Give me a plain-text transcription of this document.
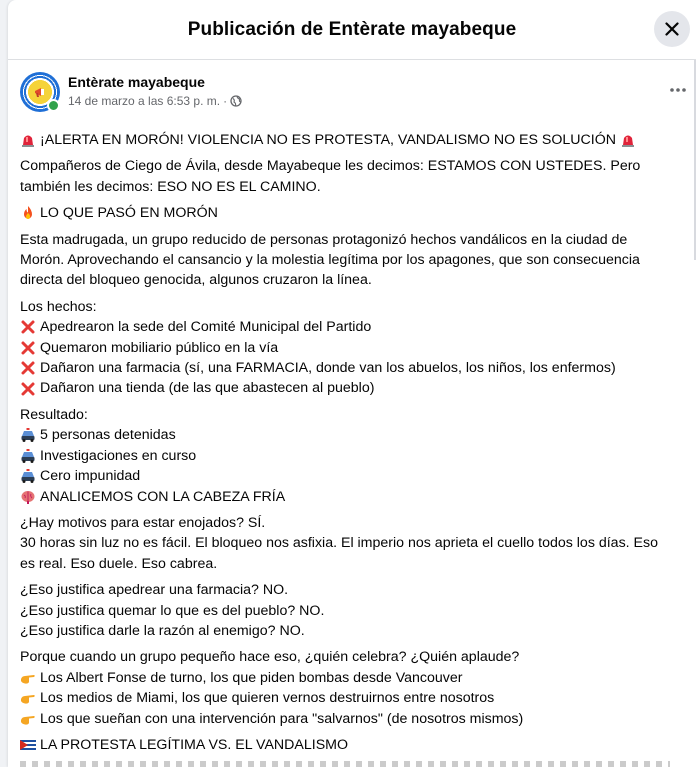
Publicación de Entèrate mayabeque
Entèrate mayabeque
14 de marzo a las 6:53 p. m. ·
¡ALERTA EN MORÓN! VIOLENCIA NO ES PROTESTA, VANDALISMO NO ES SOLUCIÓN
Compañeros de Ciego de Ávila, desde Mayabeque les decimos: ESTAMOS CON USTEDES. Pero también les decimos: ESO NO ES EL CAMINO.
LO QUE PASÓ EN MORÓN
Esta madrugada, un grupo reducido de personas protagonizó hechos vandálicos en la ciudad de Morón. Aprovechando el cansancio y la molestia legítima por los apagones, que son consecuencia directa del bloqueo genocida, algunos cruzaron la línea.
Los hechos:
Apedrearon la sede del Comité Municipal del Partido
Quemaron mobiliario público en la vía
Dañaron una farmacia (sí, una FARMACIA, donde van los abuelos, los niños, los enfermos)
Dañaron una tienda (de las que abastecen al pueblo)
Resultado:
5 personas detenidas
Investigaciones en curso
Cero impunidad
ANALICEMOS CON LA CABEZA FRÍA
¿Hay motivos para estar enojados? SÍ.
30 horas sin luz no es fácil. El bloqueo nos asfixia. El imperio nos aprieta el cuello todos los días. Eso es real. Eso duele. Eso cabrea.
¿Eso justifica apedrear una farmacia? NO.
¿Eso justifica quemar lo que es del pueblo? NO.
¿Eso justifica darle la razón al enemigo? NO.
Porque cuando un grupo pequeño hace eso, ¿quién celebra? ¿Quién aplaude?
Los Albert Fonse de turno, los que piden bombas desde Vancouver
Los medios de Miami, los que quieren vernos destruirnos entre nosotros
Los que sueñan con una intervención para "salvarnos" (de nosotros mismos)
LA PROTESTA LEGÍTIMA VS. EL VANDALISMO
